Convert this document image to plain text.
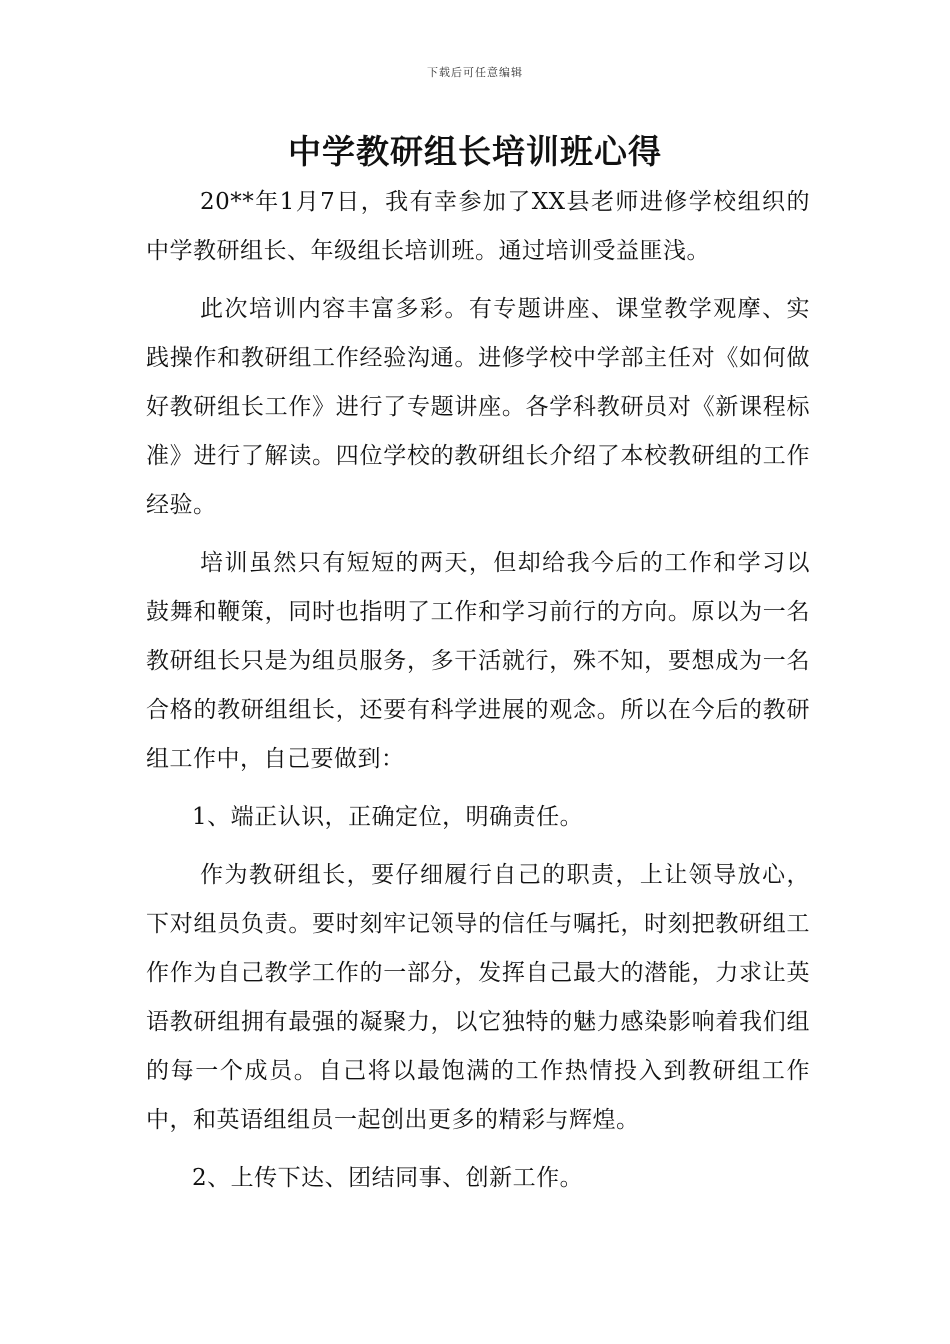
下载后可任意编辑
中学教研组长培训班心得

20**年1月7日，我有幸参加了XX县老师进修学校组织的中学教研组长、年级组长培训班。通过培训受益匪浅。

此次培训内容丰富多彩。有专题讲座、课堂教学观摩、实践操作和教研组工作经验沟通。进修学校中学部主任对《如何做好教研组长工作》进行了专题讲座。各学科教研员对《新课程标准》进行了解读。四位学校的教研组长介绍了本校教研组的工作经验。

培训虽然只有短短的两天，但却给我今后的工作和学习以鼓舞和鞭策，同时也指明了工作和学习前行的方向。原以为一名教研组长只是为组员服务，多干活就行，殊不知，要想成为一名合格的教研组组长，还要有科学进展的观念。所以在今后的教研组工作中，自己要做到：

1、端正认识，正确定位，明确责任。

作为教研组长，要仔细履行自己的职责，上让领导放心，下对组员负责。要时刻牢记领导的信任与嘱托，时刻把教研组工作作为自己教学工作的一部分，发挥自己最大的潜能，力求让英语教研组拥有最强的凝聚力，以它独特的魅力感染影响着我们组的每一个成员。自己将以最饱满的工作热情投入到教研组工作中，和英语组组员一起创出更多的精彩与辉煌。

2、上传下达、团结同事、创新工作。
